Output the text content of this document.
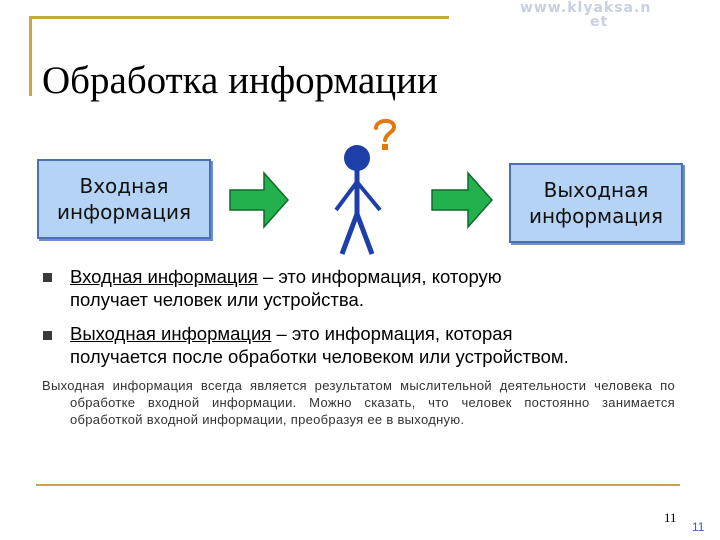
www.klyaksa.n
et
Обработка информации
Входная
информация
Выходная
информация
Входная информация – это информация, которую
получает человек или устройства.
Выходная информация – это информация, которая
получается после обработки человеком или устройством.

Выходная информация всегда является результатом мыслительной деятельности человека по обработке входной информации. Можно сказать, что человек постоянно занимается обработкой входной информации, преобразуя ее в выходную.

11
11
